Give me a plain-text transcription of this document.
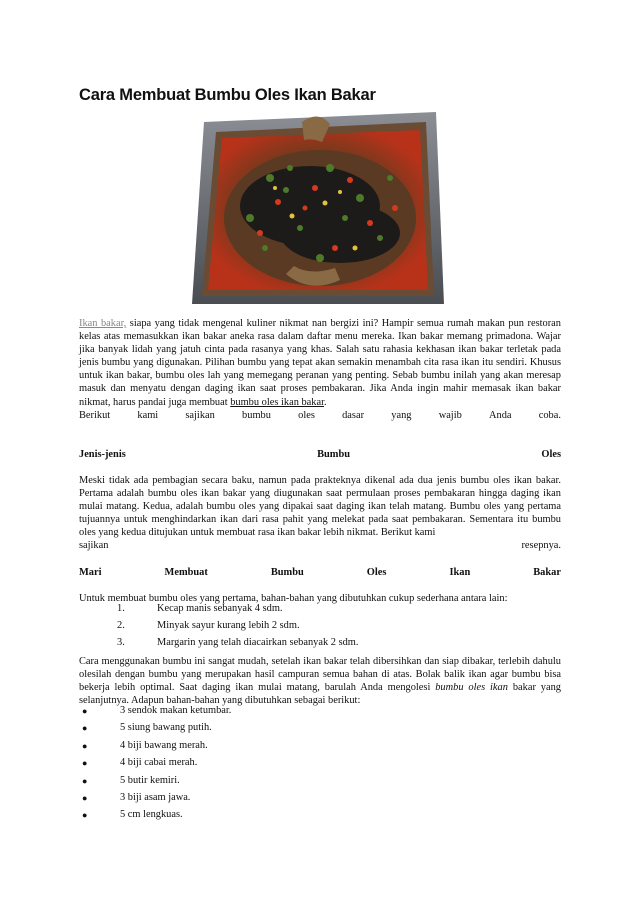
Cara Membuat Bumbu Oles Ikan Bakar
Ikan bakar, siapa yang tidak mengenal kuliner nikmat nan bergizi ini? Hampir semua rumah makan pun restoran kelas atas memasukkan ikan bakar aneka rasa dalam daftar menu mereka. Ikan bakar memang primadona. Wajar jika banyak lidah yang jatuh cinta pada rasanya yang khas. Salah satu rahasia kekhasan ikan bakar terletak pada jenis bumbu yang digunakan. Pilihan bumbu yang tepat akan semakin menambah cita rasa ikan itu sendiri. Khusus untuk ikan bakar, bumbu oles lah yang memegang peranan yang penting. Sebab bumbu inilah yang akan meresap masuk dan menyatu dengan daging ikan saat proses pembakaran. Jika Anda ingin mahir memasak ikan bakar nikmat, harus pandai juga membuat bumbu oles ikan bakar.
Berikut	kami	sajikan	bumbu	oles	dasar	yang	wajib	Anda	coba.
Jenis-jenis	Bumbu	Oles
Meski tidak ada pembagian secara baku, namun pada prakteknya dikenal ada dua jenis bumbu oles ikan bakar. Pertama adalah bumbu oles ikan bakar yang diugunakan saat permulaan proses pembakaran hingga daging ikan mulai matang. Kedua, adalah bumbu oles yang dipakai saat daging ikan telah matang. Bumbu oles yang pertama tujuannya untuk menghindarkan ikan dari rasa pahit yang melekat pada saat pembakaran. Sementara itu bumbu oles yang kedua ditujukan untuk membuat rasa ikan bakar lebih nikmat. Berikut kami
sajikan	resepnya.
Mari	Membuat	Bumbu	Oles	Ikan	Bakar
Untuk membuat bumbu oles yang pertama, bahan-bahan yang dibutuhkan cukup sederhana antara lain:
1.	Kecap manis sebanyak 4 sdm.
2.	Minyak sayur kurang lebih 2 sdm.
3.	Margarin yang telah diacairkan sebanyak 2 sdm.
Cara menggunakan bumbu ini sangat mudah, setelah ikan bakar telah dibersihkan dan siap dibakar, terlebih dahulu olesilah dengan bumbu yang merupakan hasil campuran semua bahan di atas. Bolak balik ikan agar bumbu bisa bekerja lebih optimal. Saat daging ikan mulai matang, barulah Anda mengolesi bumbu oles ikan bakar yang selanjutnya. Adapun bahan-bahan yang dibutuhkan sebagai berikut:
●	3 sendok makan ketumbar.
●	5 siung bawang putih.
●	4 biji bawang merah.
●	4 biji cabai merah.
●	5 butir kemiri.
●	3 biji asam jawa.
●	5 cm lengkuas.
